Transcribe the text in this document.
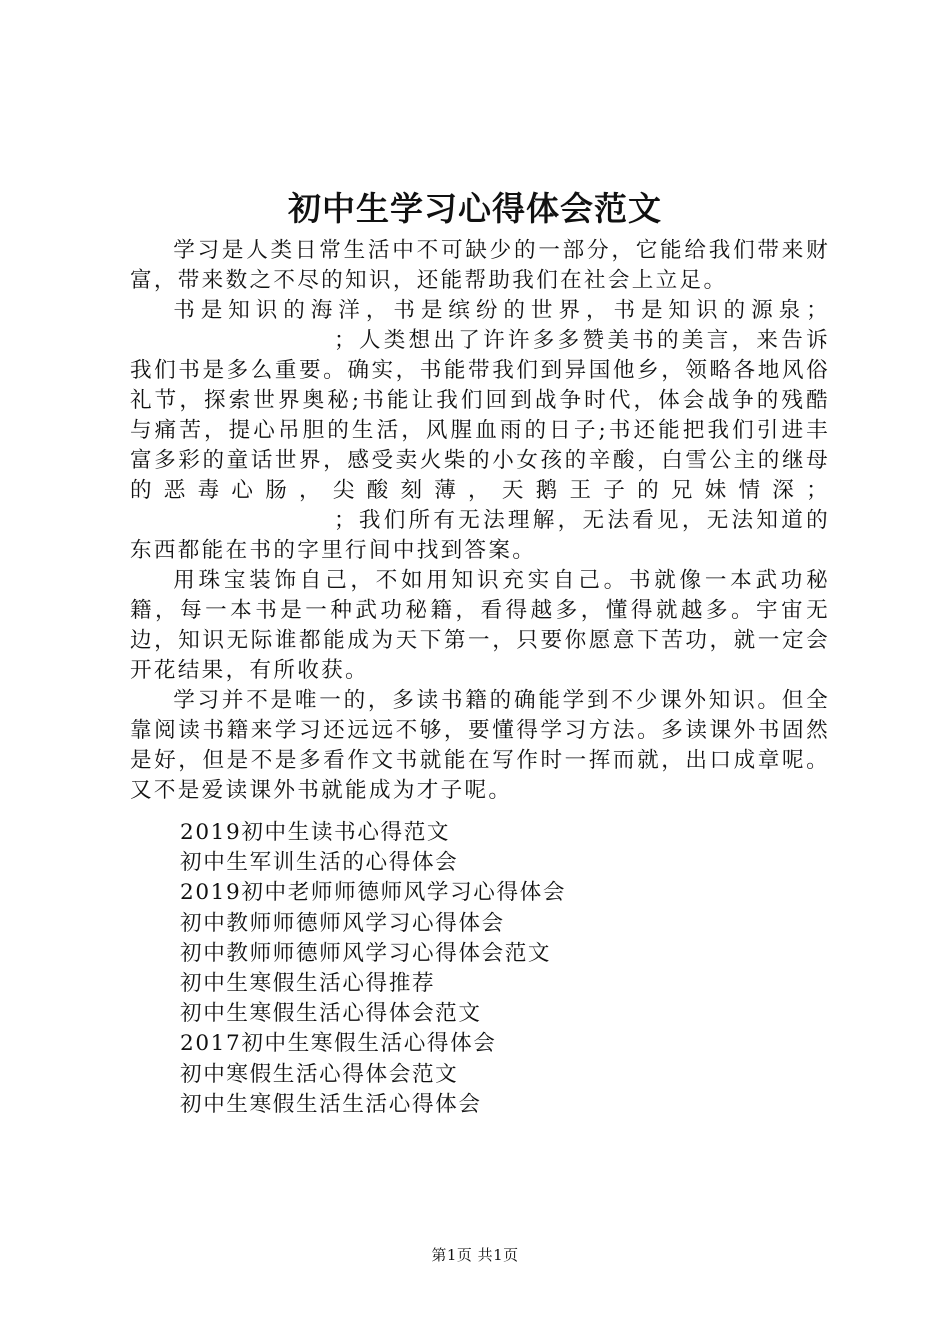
初中生学习心得体会范文

学习是人类日常生活中不可缺少的一部分，它能给我们带来财富，带来数之不尽的知识，还能帮助我们在社会上立足。

书是知识的海洋，书是缤纷的世界，书是知识的源泉；；人类想出了许许多多赞美书的美言，来告诉我们书是多么重要。确实，书能带我们到异国他乡，领略各地风俗礼节，探索世界奥秘;书能让我们回到战争时代，体会战争的残酷与痛苦，提心吊胆的生活，风腥血雨的日子;书还能把我们引进丰富多彩的童话世界，感受卖火柴的小女孩的辛酸，白雪公主的继母的恶毒心肠，尖酸刻薄，天鹅王子的兄妹情深；；我们所有无法理解，无法看见，无法知道的东西都能在书的字里行间中找到答案。

用珠宝装饰自己，不如用知识充实自己。书就像一本武功秘籍，每一本书是一种武功秘籍，看得越多，懂得就越多。宇宙无边，知识无际谁都能成为天下第一，只要你愿意下苦功，就一定会开花结果，有所收获。

学习并不是唯一的，多读书籍的确能学到不少课外知识。但全靠阅读书籍来学习还远远不够，要懂得学习方法。多读课外书固然是好，但是不是多看作文书就能在写作时一挥而就，出口成章呢。又不是爱读课外书就能成为才子呢。

2019初中生读书心得范文
初中生军训生活的心得体会
2019初中老师师德师风学习心得体会
初中教师师德师风学习心得体会
初中教师师德师风学习心得体会范文
初中生寒假生活心得推荐
初中生寒假生活心得体会范文
2017初中生寒假生活心得体会
初中寒假生活心得体会范文
初中生寒假生活生活心得体会
第1页 共1页
